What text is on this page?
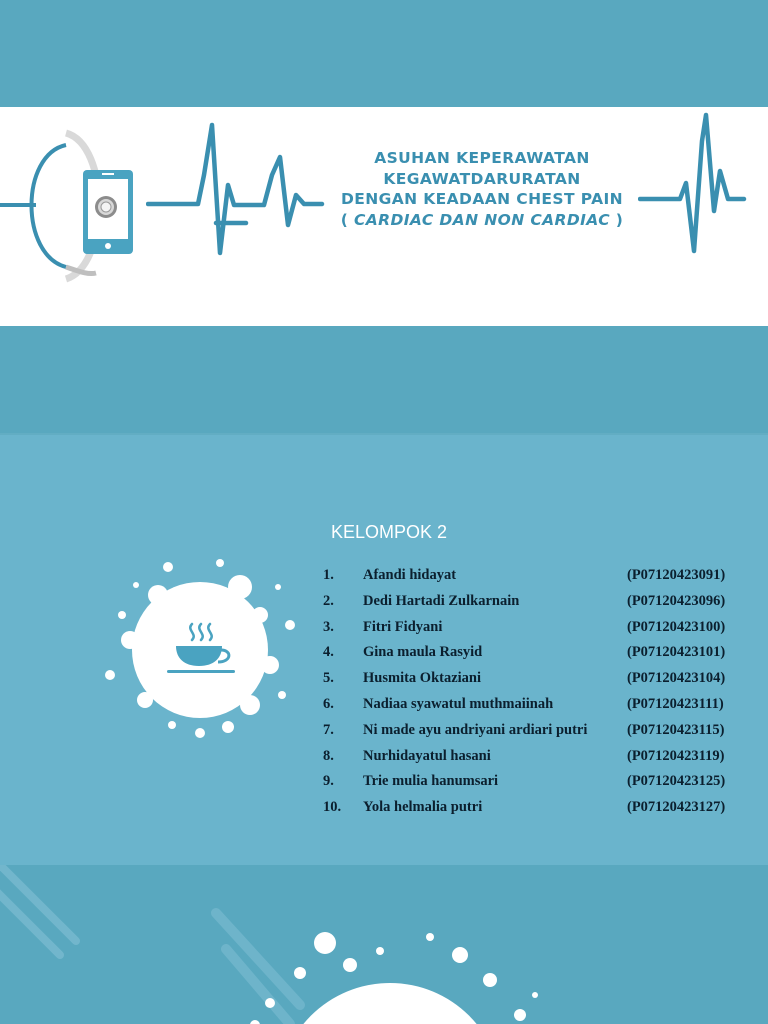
ASUHAN KEPERAWATAN
KEGAWATDARURATAN
DENGAN KEADAAN CHEST PAIN
( CARDIAC DAN NON CARDIAC )
KELOMPOK 2
1. Afandi hidayat	(P07120423091)
2. Dedi Hartadi Zulkarnain	(P07120423096)
3. Fitri Fidyani	(P07120423100)
4. Gina maula Rasyid	(P07120423101)
5. Husmita Oktaziani	(P07120423104)
6. Nadiaa syawatul muthmaiinah	(P07120423111)
7. Ni made ayu andriyani ardiari putri	(P07120423115)
8. Nurhidayatul hasani	(P07120423119)
9. Trie mulia hanumsari	(P07120423125)
10. Yola helmalia putri	(P07120423127)
